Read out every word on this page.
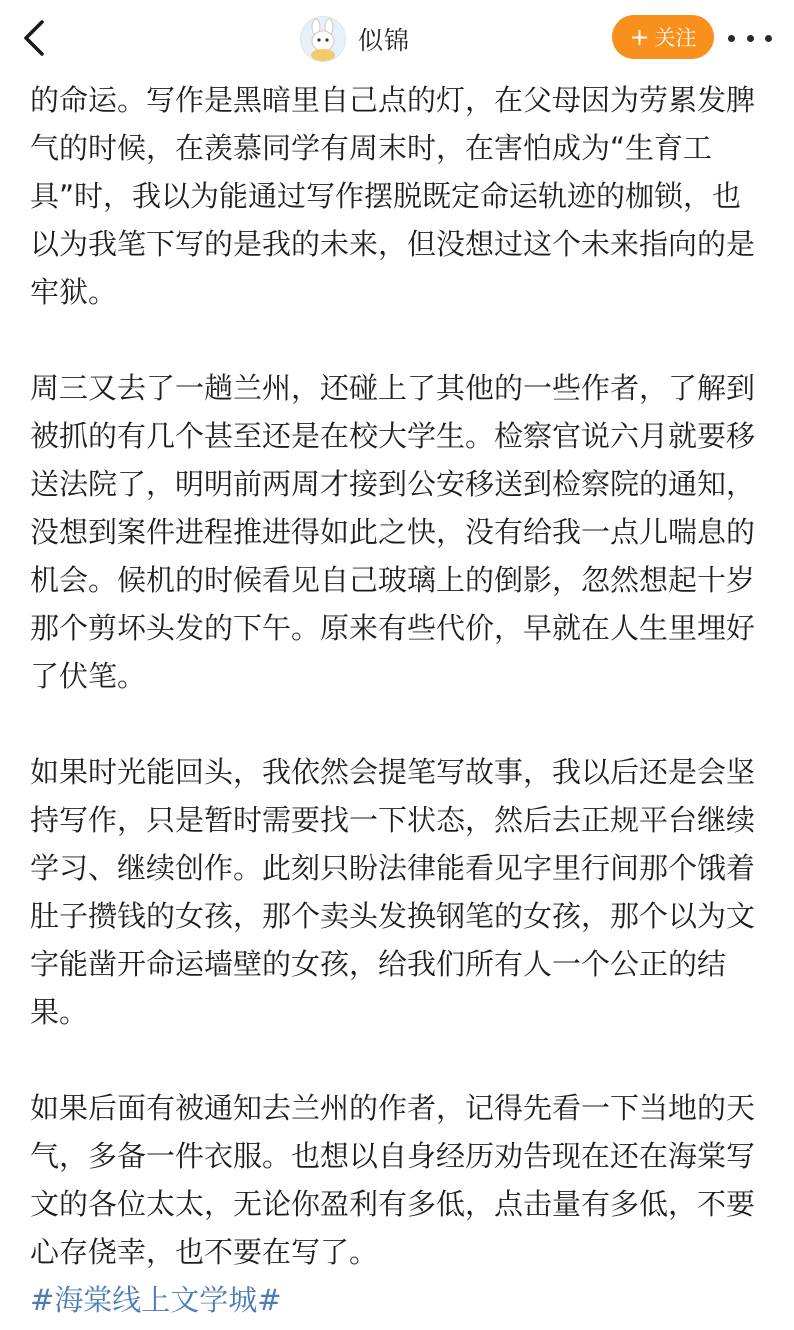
似锦	+ 关注
的命运。写作是黑暗里自己点的灯，在父母因为劳累发脾
气的时候，在羡慕同学有周末时，在害怕成为“生育工
具”时，我以为能通过写作摆脱既定命运轨迹的枷锁，也
以为我笔下写的是我的未来，但没想过这个未来指向的是
牢狱。
周三又去了一趟兰州，还碰上了其他的一些作者，了解到
被抓的有几个甚至还是在校大学生。检察官说六月就要移
送法院了，明明前两周才接到公安移送到检察院的通知，
没想到案件进程推进得如此之快，没有给我一点儿喘息的
机会。候机的时候看见自己玻璃上的倒影，忽然想起十岁
那个剪坏头发的下午。原来有些代价，早就在人生里埋好
了伏笔。
如果时光能回头，我依然会提笔写故事，我以后还是会坚
持写作，只是暂时需要找一下状态，然后去正规平台继续
学习、继续创作。此刻只盼法律能看见字里行间那个饿着
肚子攒钱的女孩，那个卖头发换钢笔的女孩，那个以为文
字能凿开命运墙壁的女孩，给我们所有人一个公正的结
果。
如果后面有被通知去兰州的作者，记得先看一下当地的天
气，多备一件衣服。也想以自身经历劝告现在还在海棠写
文的各位太太，无论你盈利有多低，点击量有多低，不要
心存侥幸，也不要在写了。
#海棠线上文学城#
